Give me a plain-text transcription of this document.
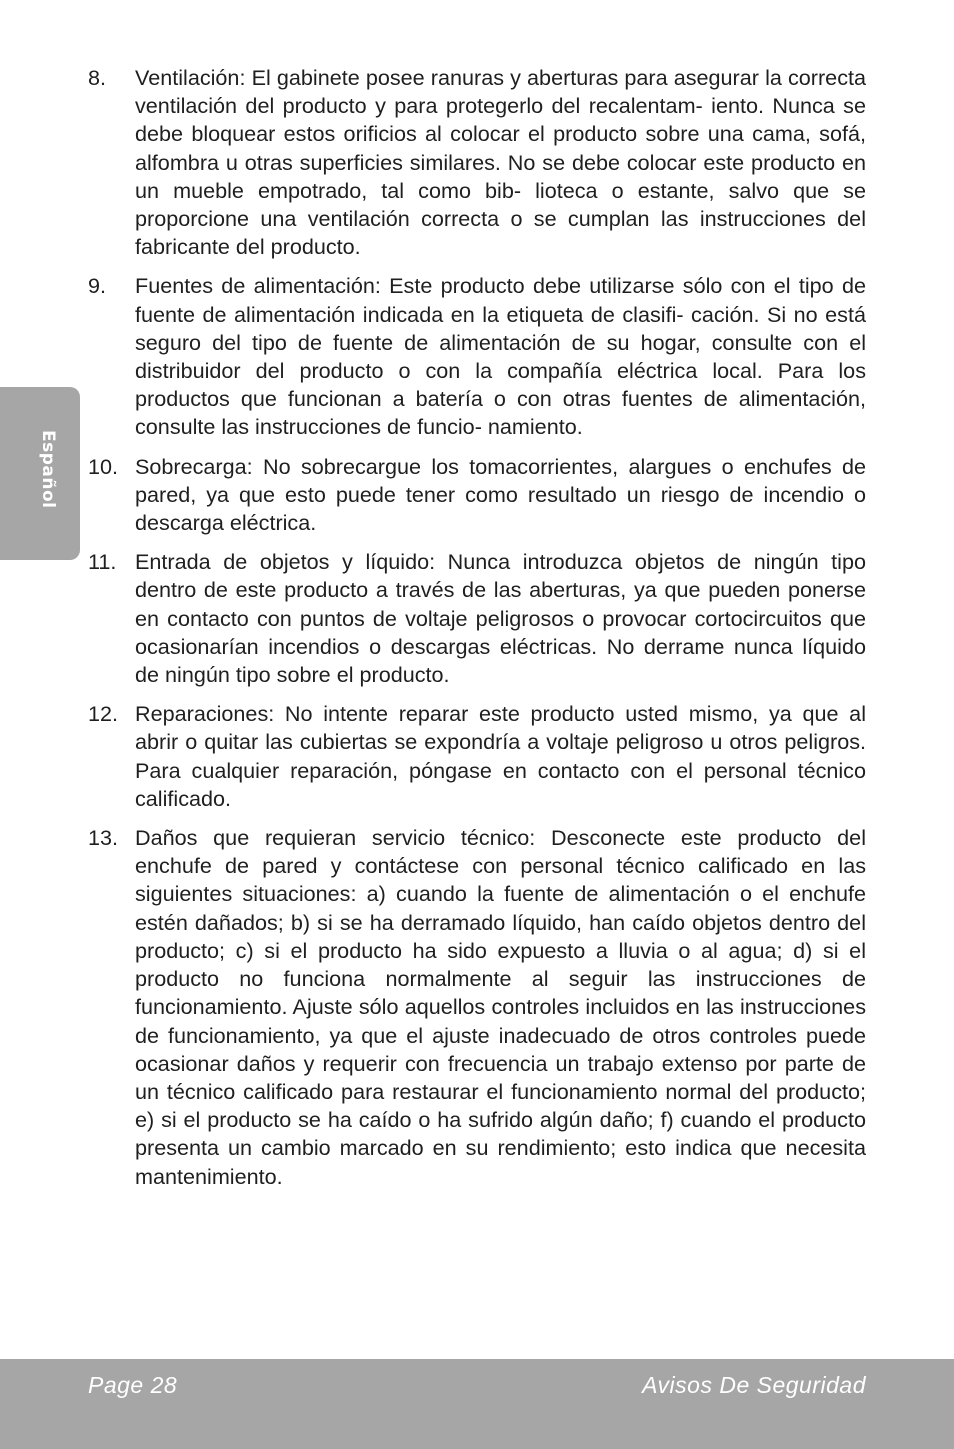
Español
8.	Ventilación: El gabinete posee ranuras y aberturas para asegurar la correcta ventilación del producto y para protegerlo del recalentam- iento. Nunca se debe bloquear estos orificios al colocar el producto sobre una cama, sofá, alfombra u otras superficies similares. No se debe colocar este producto en un mueble empotrado, tal como bib- lioteca o estante, salvo que se proporcione una ventilación correcta o se cumplan las instrucciones del fabricante del producto.
9.	Fuentes de alimentación: Este producto debe utilizarse sólo con el tipo de fuente de alimentación indicada en la etiqueta de clasifi- cación. Si no está seguro del tipo de fuente de alimentación de su hogar, consulte con el distribuidor del producto o con la compañía eléctrica local. Para los productos que funcionan a batería o con otras fuentes de alimentación, consulte las instrucciones de funcio- namiento.
10. Sobrecarga: No sobrecargue los tomacorrientes, alargues o enchufes de pared, ya que esto puede tener como resultado un riesgo de incendio o descarga eléctrica.
11. Entrada de objetos y líquido: Nunca introduzca objetos de ningún tipo dentro de este producto a través de las aberturas, ya que pueden ponerse en contacto con puntos de voltaje peligrosos o provocar cortocircuitos que ocasionarían incendios o descargas eléctricas. No derrame nunca líquido de ningún tipo sobre el producto.
12. Reparaciones: No intente reparar este producto usted mismo, ya que al abrir o quitar las cubiertas se expondría a voltaje peligroso u otros peligros. Para cualquier reparación, póngase en contacto con el personal técnico calificado.
13. Daños que requieran servicio técnico: Desconecte este producto del enchufe de pared y contáctese con personal técnico calificado en las siguientes situaciones: a) cuando la fuente de alimentación o el enchufe estén dañados; b) si se ha derramado líquido, han caído objetos dentro del producto; c) si el producto ha sido expuesto a lluvia o al agua; d) si el producto no funciona normalmente al seguir las instrucciones de funcionamiento. Ajuste sólo aquellos controles incluidos en las instrucciones de funcionamiento, ya que el ajuste inadecuado de otros controles puede ocasionar daños y requerir con frecuencia un trabajo extenso por parte de un técnico calificado para restaurar el funcionamiento normal del producto; e) si el producto se ha caído o ha sufrido algún daño; f) cuando el producto presenta un cambio marcado en su rendimiento; esto indica que necesita mantenimiento.
Page 28	Avisos De Seguridad
